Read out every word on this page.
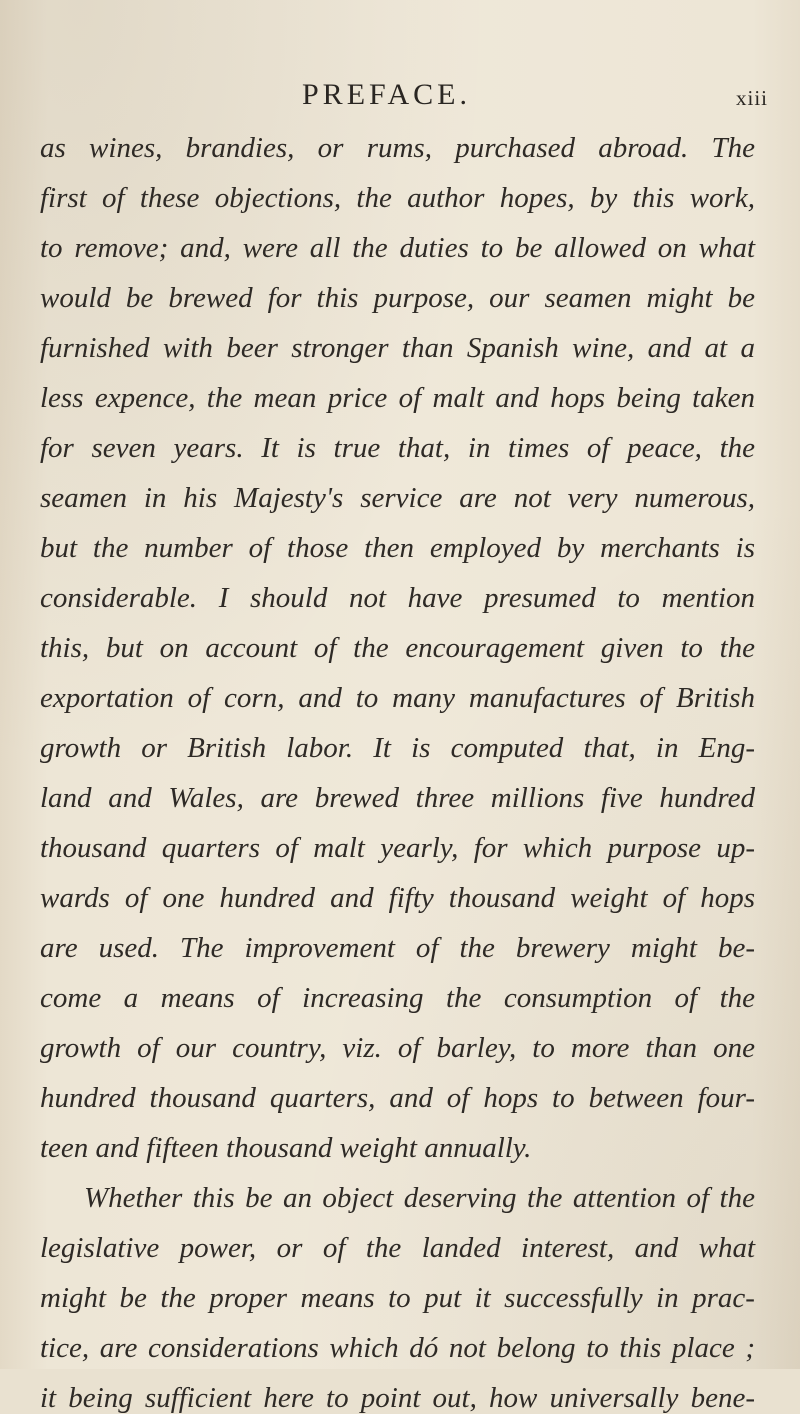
PREFACE.	xiii
as wines, brandies, or rums, purchased abroad. The
first of these objections, the author hopes, by this work,
to remove; and, were all the duties to be allowed on what
would be brewed for this purpose, our seamen might be
furnished with beer stronger than Spanish wine, and at a
less expence, the mean price of malt and hops being taken
for seven years. It is true that, in times of peace, the
seamen in his Majesty's service are not very numerous,
but the number of those then employed by merchants is
considerable. I should not have presumed to mention
this, but on account of the encouragement given to the
exportation of corn, and to many manufactures of British
growth or British labor. It is computed that, in Eng-
land and Wales, are brewed three millions five hundred
thousand quarters of malt yearly, for which purpose up-
wards of one hundred and fifty thousand weight of hops
are used. The improvement of the brewery might be-
come a means of increasing the consumption of the
growth of our country, viz. of barley, to more than one
hundred thousand quarters, and of hops to between four-
teen and fifteen thousand weight annually.
Whether this be an object deserving the attention of the
legislative power, or of the landed interest, and what
might be the proper means to put it successfully in prac-
tice, are considerations which dó not belong to this place ;
it being sufficient here to point out, how universally bene-
